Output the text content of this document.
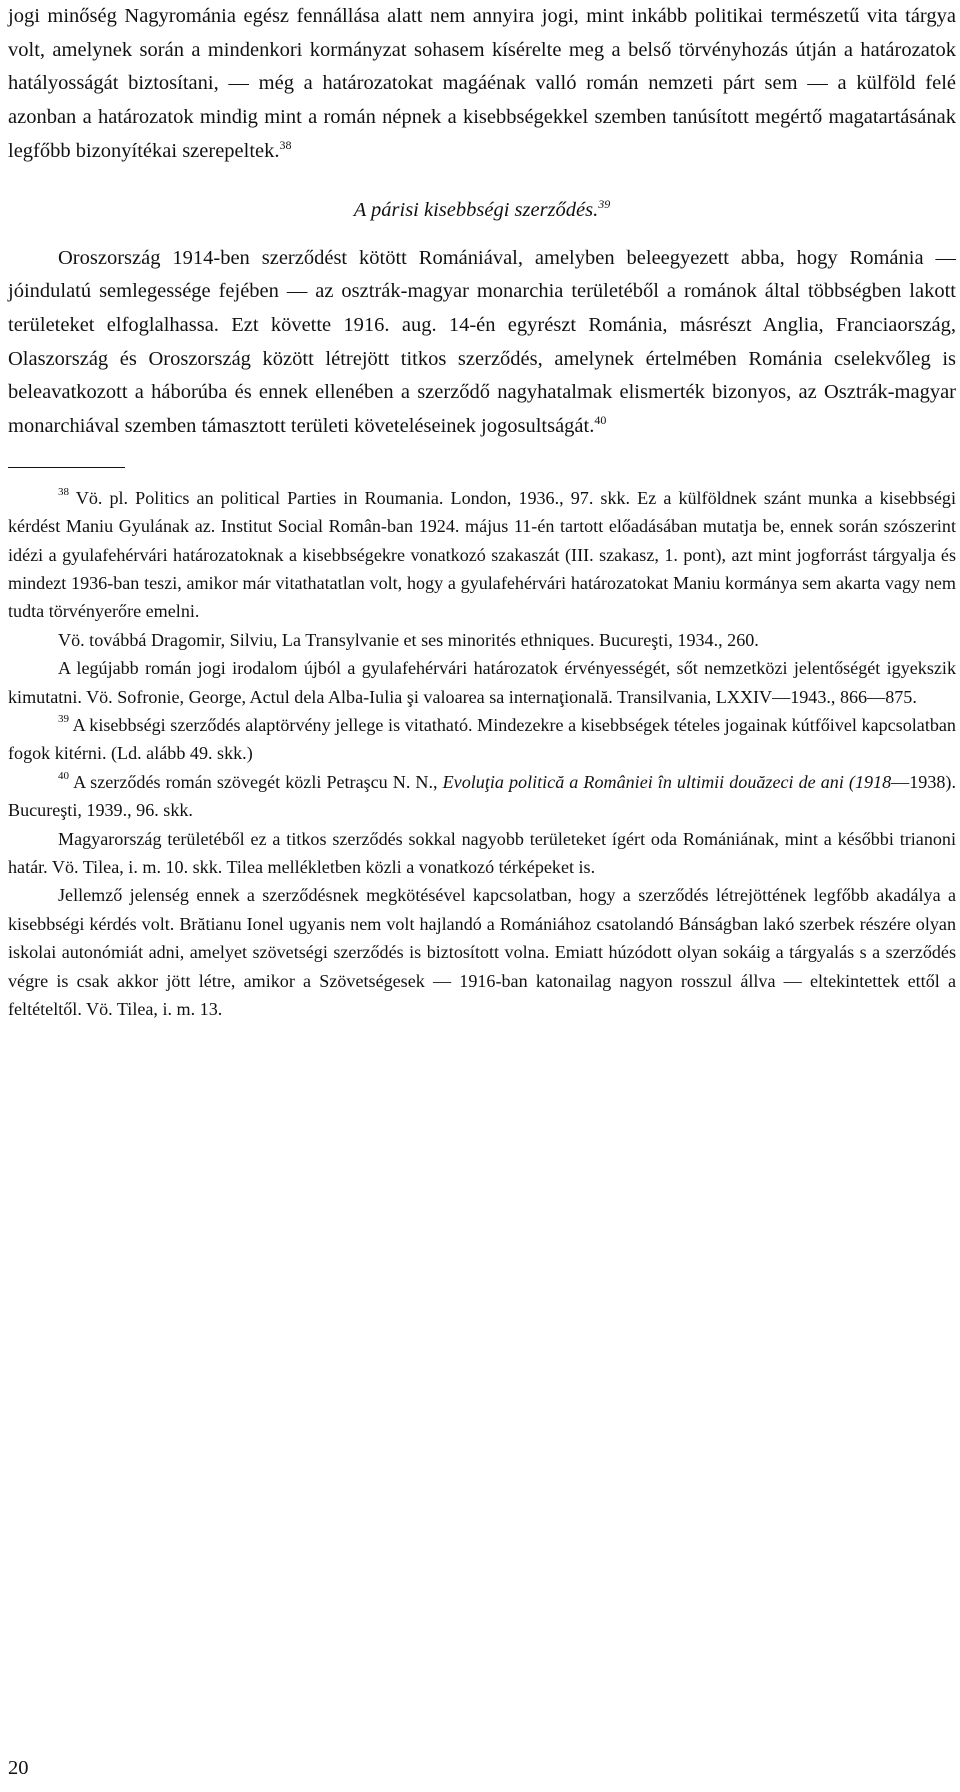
jogi minőség Nagyrománia egész fennállása alatt nem annyira jogi, mint inkább politikai természetű vita tárgya volt, amelynek során a mindenkori kormányzat sohasem kísérelte meg a belső törvényhozás útján a határozatok hatályosságát biztosítani, — még a határozatokat magáénak valló román nemzeti párt sem — a külföld felé azonban a határozatok mindig mint a román népnek a kisebbségekkel szemben tanúsított megértő magatartásának legfőbb bizonyítékai szerepeltek.$^{38}$

A párisi kisebbségi szerződés.$^{39}$

Oroszország 1914-ben szerződést kötött Romániával, amelyben beleegyezett abba, hogy Románia — jóindulatú semlegessége fejében — az osztrák-magyar monarchia területéből a románok által többségben lakott területeket elfoglalhassa. Ezt követte 1916. aug. 14-én egyrészt Románia, másrészt Anglia, Franciaország, Olaszország és Oroszország között létrejött titkos szerződés, amelynek értelmében Románia cselekvőleg is beleavatkozott a háborúba és ennek ellenében a szerződő nagyhatalmak elismerték bizonyos, az Osztrák-magyar monarchiával szemben támasztott területi követeléseinek jogosultságát.$^{40}$

$^{38}$ Vö. pl. Politics an political Parties in Roumania. London, 1936., 97. skk. Ez a külföldnek szánt munka a kisebbségi kérdést Maniu Gyulának az. Institut Social Român-ban 1924. május 11-én tartott előadásában mutatja be, ennek során szószerint idézi a gyulafehérvári határozatoknak a kisebbségekre vonatkozó szakaszát (III. szakasz, 1. pont), azt mint jogforrást tárgyalja és mindezt 1936-ban teszi, amikor már vitathatatlan volt, hogy a gyulafehérvári határozatokat Maniu kormánya sem akarta vagy nem tudta törvényerőre emelni.

Vö. továbbá Dragomir, Silviu, La Transylvanie et ses minorités ethniques. Bucureşti, 1934., 260.

A legújabb román jogi irodalom újból a gyulafehérvári határozatok érvényességét, sőt nemzetközi jelentőségét igyekszik kimutatni. Vö. Sofronie, George, Actul dela Alba-Iulia şi valoarea sa internaţională. Transilvania, LXXIV—1943., 866—875.

$^{39}$ A kisebbségi szerződés alaptörvény jellege is vitatható. Mindezekre a kisebbségek tételes jogainak kútfőivel kapcsolatban fogok kitérni. (Ld. alább 49. skk.)

$^{40}$ A szerződés román szövegét közli Petraşcu N. N., Evoluţia politică a României în ultimii douăzeci de ani (1918—1938). Bucureşti, 1939., 96. skk.

Magyarország területéből ez a titkos szerződés sokkal nagyobb területeket ígért oda Romániának, mint a későbbi trianoni határ. Vö. Tilea, i. m. 10. skk. Tilea mellékletben közli a vonatkozó térképeket is.

Jellemző jelenség ennek a szerződésnek megkötésével kapcsolatban, hogy a szerződés létrejöttének legfőbb akadálya a kisebbségi kérdés volt. Brătianu Ionel ugyanis nem volt hajlandó a Romániához csatolandó Bánságban lakó szerbek részére olyan iskolai autonómiát adni, amelyet szövetségi szerződés is biztosított volna. Emiatt húzódott olyan sokáig a tárgyalás s a szerződés végre is csak akkor jött létre, amikor a Szövetségesek — 1916-ban katonailag nagyon rosszul állva — eltekintettek ettől a feltételtől. Vö. Tilea, i. m. 13.

20
